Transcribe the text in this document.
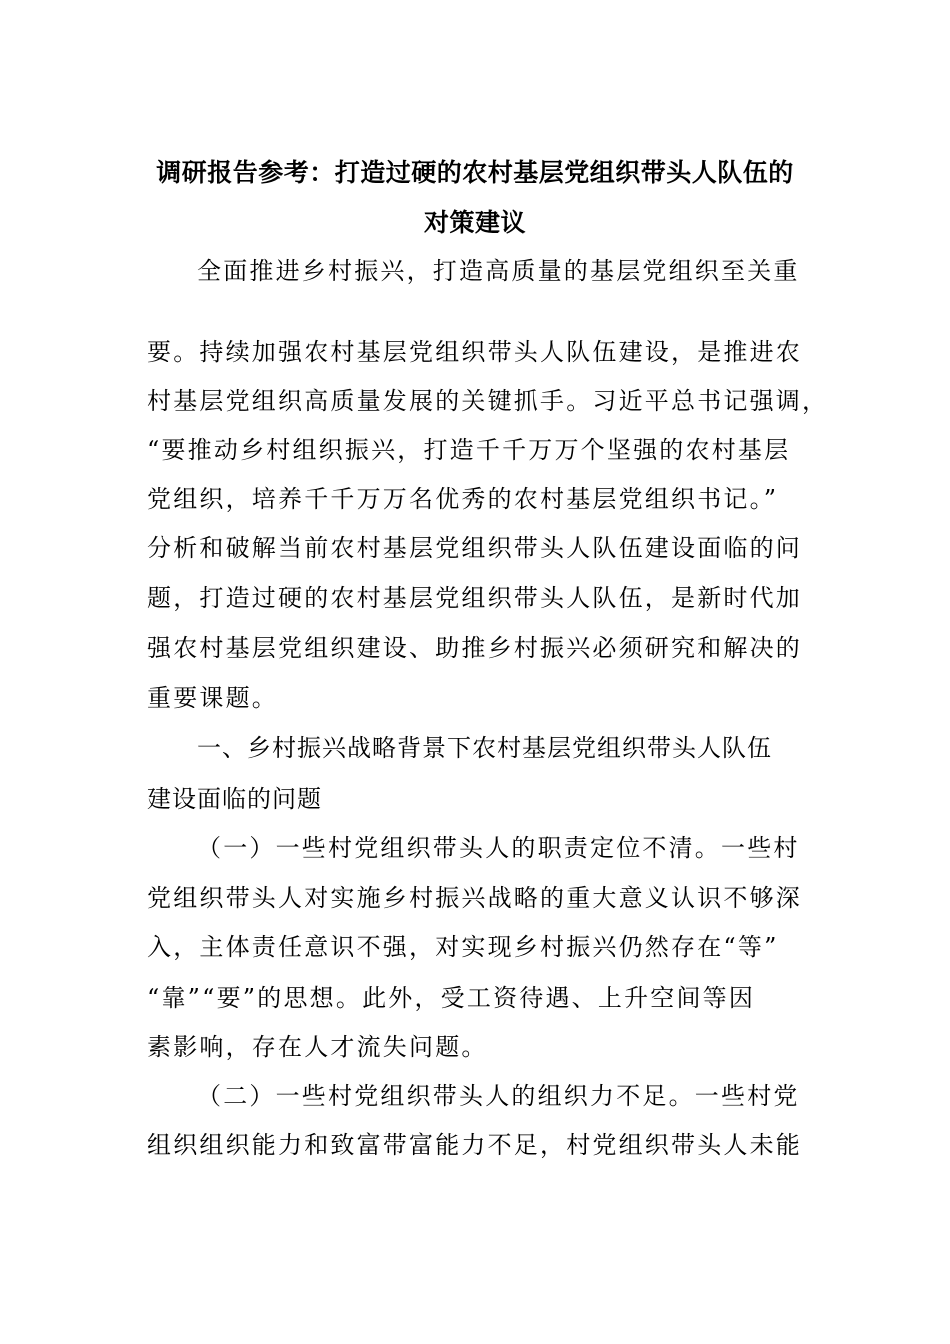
调研报告参考：打造过硬的农村基层党组织带头人队伍的
对策建议
全面推进乡村振兴，打造高质量的基层党组织至关重
要。持续加强农村基层党组织带头人队伍建设，是推进农
村基层党组织高质量发展的关键抓手。习近平总书记强调，
“要推动乡村组织振兴，打造千千万万个坚强的农村基层
党组织，培养千千万万名优秀的农村基层党组织书记。”
分析和破解当前农村基层党组织带头人队伍建设面临的问
题，打造过硬的农村基层党组织带头人队伍，是新时代加
强农村基层党组织建设、助推乡村振兴必须研究和解决的
重要课题。
一、乡村振兴战略背景下农村基层党组织带头人队伍
建设面临的问题
（一）一些村党组织带头人的职责定位不清。一些村
党组织带头人对实施乡村振兴战略的重大意义认识不够深
入，主体责任意识不强，对实现乡村振兴仍然存在“等”
“靠”“要”的思想。此外，受工资待遇、上升空间等因
素影响，存在人才流失问题。
（二）一些村党组织带头人的组织力不足。一些村党
组织组织能力和致富带富能力不足，村党组织带头人未能
